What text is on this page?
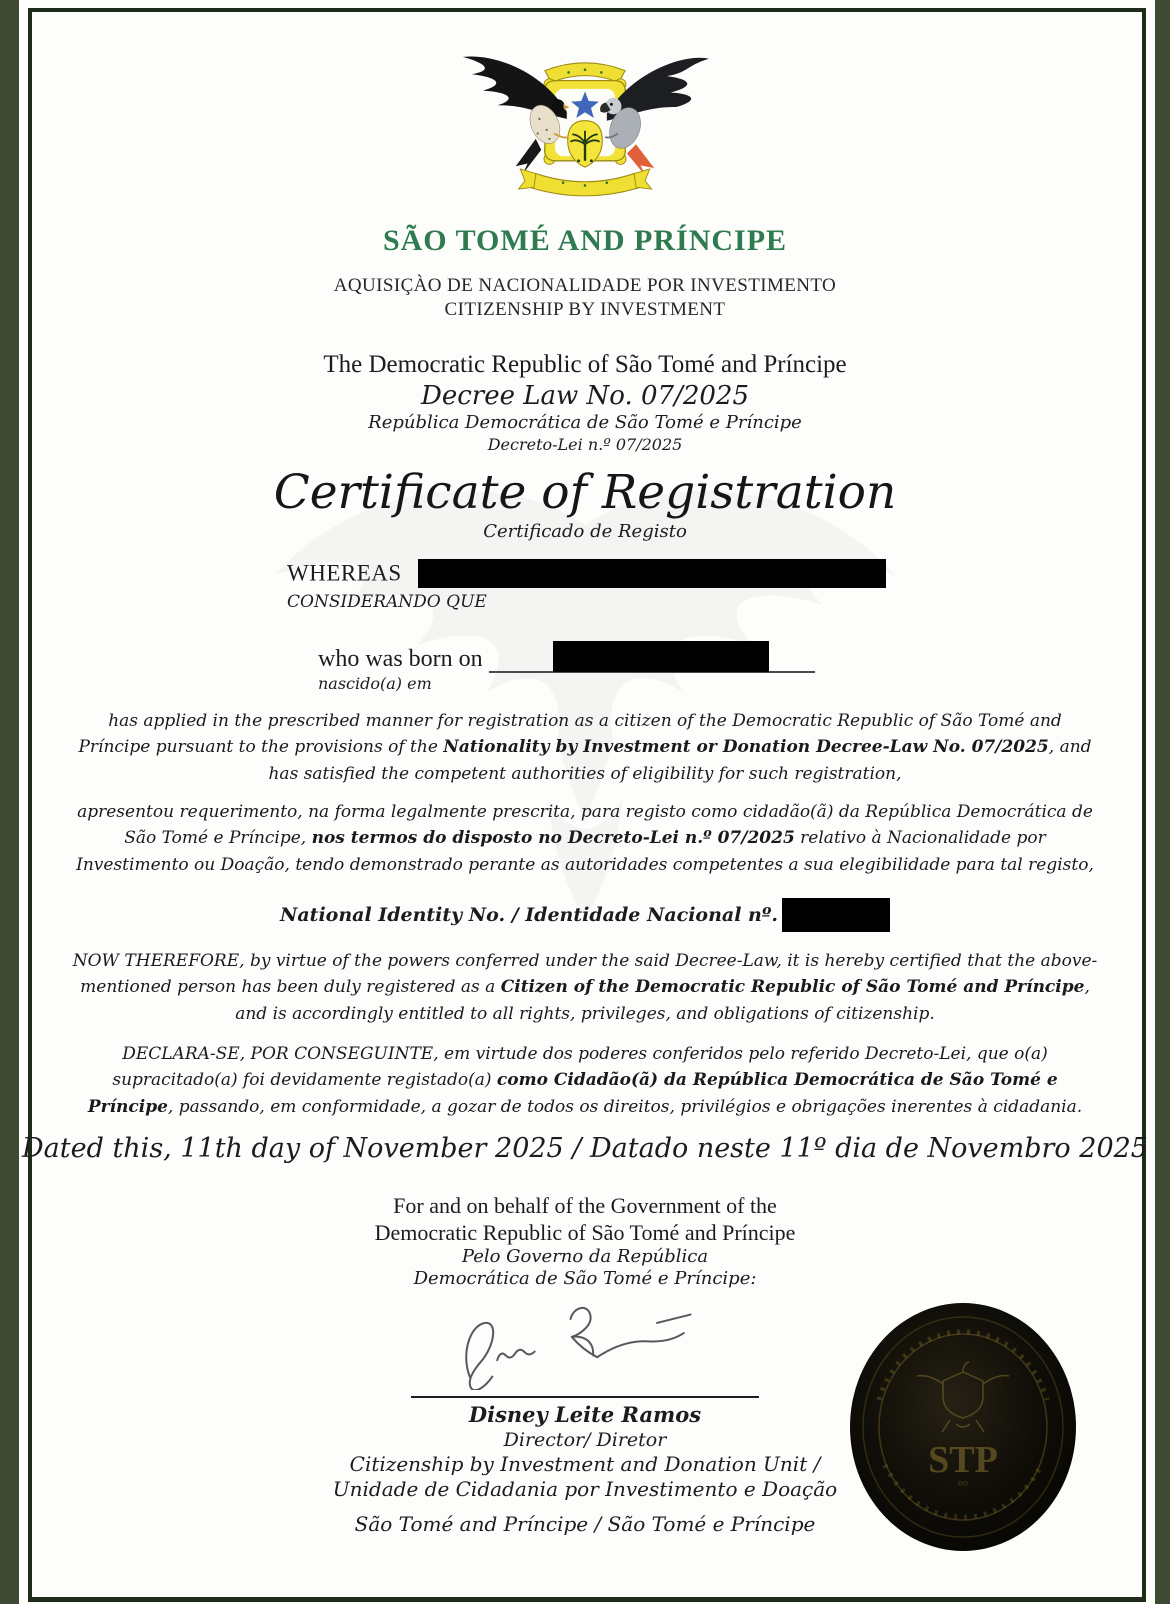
SÃO TOMÉ AND PRÍNCIPE
AQUISIÇÀO DE NACIONALIDADE POR INVESTIMENTO
CITIZENSHIP BY INVESTMENT
The Democratic Republic of São Tomé and Príncipe
Decree Law No. 07/2025
República Democrática de São Tomé e Príncipe
Decreto-Lei n.º 07/2025
Certificate of Registration
Certificado de Registo
WHEREAS
CONSIDERANDO QUE
who was born on
nascido(a) em

has applied in the prescribed manner for registration as a citizen of the Democratic Republic of São Tomé and Príncipe pursuant to the provisions of the Nationality by Investment or Donation Decree-Law No. 07/2025, and has satisfied the competent authorities of eligibility for such registration,

apresentou requerimento, na forma legalmente prescrita, para registo como cidadão(ã) da República Democrática de São Tomé e Príncipe, nos termos do disposto no Decreto-Lei n.º 07/2025 relativo à Nacionalidade por Investimento ou Doação, tendo demonstrado perante as autoridades competentes a sua elegibilidade para tal registo,

National Identity No. / Identidade Nacional nº.

NOW THEREFORE, by virtue of the powers conferred under the said Decree-Law, it is hereby certified that the above-mentioned person has been duly registered as a Citizen of the Democratic Republic of São Tomé and Príncipe, and is accordingly entitled to all rights, privileges, and obligations of citizenship.

DECLARA-SE, POR CONSEGUINTE, em virtude dos poderes conferidos pelo referido Decreto-Lei, que o(a) supracitado(a) foi devidamente registado(a) como Cidadão(ã) da República Democrática de São Tomé e Príncipe, passando, em conformidade, a gozar de todos os direitos, privilégios e obrigações inerentes à cidadania.

Dated this, 11th day of November 2025 / Datado neste 11º dia de Novembro 2025
For and on behalf of the Government of the
Democratic Republic of São Tomé and Príncipe
Pelo Governo da República
Democrática de São Tomé e Príncipe:
Disney Leite Ramos
Director/ Diretor
Citizenship by Investment and Donation Unit /
Unidade de Cidadania por Investimento e Doação
São Tomé and Príncipe / São Tomé e Príncipe
STP
ºº
